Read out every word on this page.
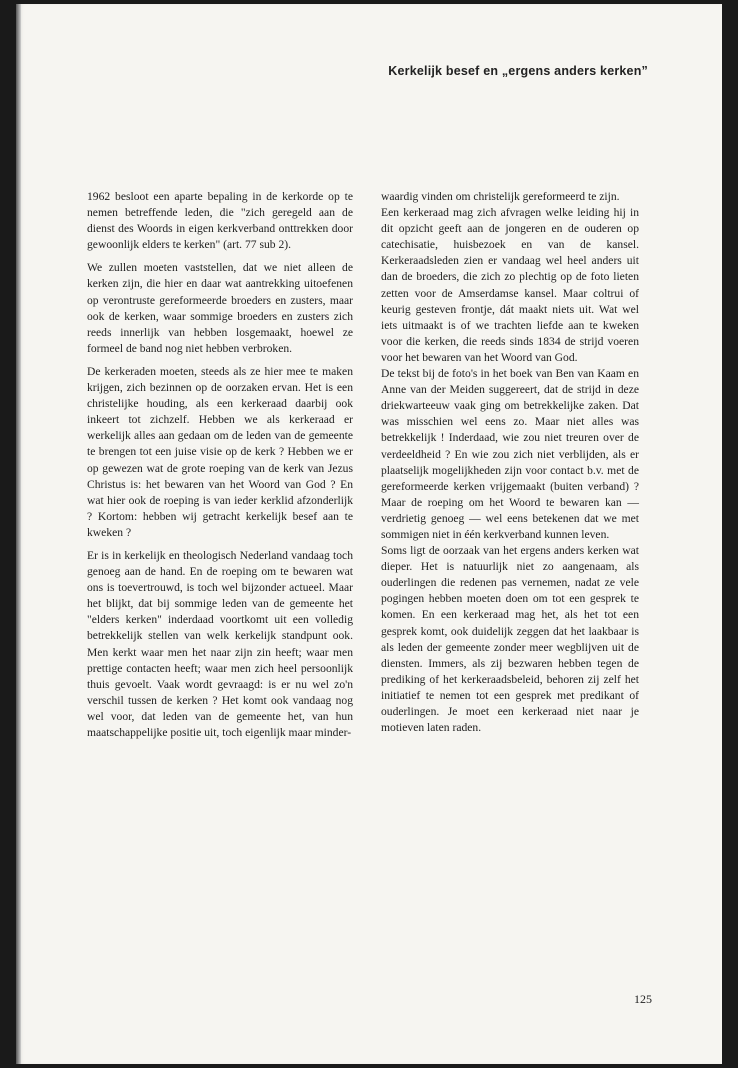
Kerkelijk besef en „ergens anders kerken”

1962 besloot een aparte bepaling in de kerkorde op te nemen betreffende leden, die "zich geregeld aan de dienst des Woords in eigen kerkverband onttrekken door gewoonlijk elders te kerken" (art. 77 sub 2).

We zullen moeten vaststellen, dat we niet alleen de kerken zijn, die hier en daar wat aantrekking uitoefenen op verontruste gereformeerde broeders en zusters, maar ook de kerken, waar sommige broeders en zusters zich reeds innerlijk van hebben losgemaakt, hoewel ze formeel de band nog niet hebben verbroken.

De kerkeraden moeten, steeds als ze hier mee te maken krijgen, zich bezinnen op de oorzaken ervan. Het is een christelijke houding, als een kerkeraad daarbij ook inkeert tot zichzelf. Hebben we als kerkeraad er werkelijk alles aan gedaan om de leden van de gemeente te brengen tot een juise visie op de kerk ? Hebben we er op gewezen wat de grote roeping van de kerk van Jezus Christus is: het bewaren van het Woord van God ? En wat hier ook de roeping is van ieder kerklid afzonderlijk ? Kortom: hebben wij getracht kerkelijk besef aan te kweken ?

Er is in kerkelijk en theologisch Nederland vandaag toch genoeg aan de hand. En de roeping om te bewaren wat ons is toevertrouwd, is toch wel bijzonder actueel. Maar het blijkt, dat bij sommige leden van de gemeente het "elders kerken" inderdaad voortkomt uit een volledig betrekkelijk stellen van welk kerkelijk standpunt ook. Men kerkt waar men het naar zijn zin heeft; waar men prettige contacten heeft; waar men zich heel persoonlijk thuis gevoelt. Vaak wordt gevraagd: is er nu wel zo'n verschil tussen de kerken ? Het komt ook vandaag nog wel voor, dat leden van de gemeente het, van hun maatschappelijke positie uit, toch eigenlijk maar minder-

waardig vinden om christelijk gereformeerd te zijn.

Een kerkeraad mag zich afvragen welke leiding hij in dit opzicht geeft aan de jongeren en de ouderen op catechisatie, huisbezoek en van de kansel. Kerkeraadsleden zien er vandaag wel heel anders uit dan de broeders, die zich zo plechtig op de foto lieten zetten voor de Amserdamse kansel. Maar coltrui of keurig gesteven frontje, dát maakt niets uit. Wat wel iets uitmaakt is of we trachten liefde aan te kweken voor die kerken, die reeds sinds 1834 de strijd voeren voor het bewaren van het Woord van God.

De tekst bij de foto's in het boek van Ben van Kaam en Anne van der Meiden suggereert, dat de strijd in deze driekwarteeuw vaak ging om betrekkelijke zaken. Dat was misschien wel eens zo. Maar niet alles was betrekkelijk ! Inderdaad, wie zou niet treuren over de verdeeldheid ? En wie zou zich niet verblijden, als er plaatselijk mogelijkheden zijn voor contact b.v. met de gereformeerde kerken vrijgemaakt (buiten verband) ? Maar de roeping om het Woord te bewaren kan — verdrietig genoeg — wel eens betekenen dat we met sommigen niet in één kerkverband kunnen leven.

Soms ligt de oorzaak van het ergens anders kerken wat dieper. Het is natuurlijk niet zo aangenaam, als ouderlingen die redenen pas vernemen, nadat ze vele pogingen hebben moeten doen om tot een gesprek te komen. En een kerkeraad mag het, als het tot een gesprek komt, ook duidelijk zeggen dat het laakbaar is als leden der gemeente zonder meer wegblijven uit de diensten. Immers, als zij bezwaren hebben tegen de prediking of het kerkeraadsbeleid, behoren zij zelf het initiatief te nemen tot een gesprek met predikant of ouderlingen. Je moet een kerkeraad niet naar je motieven laten raden.

125
